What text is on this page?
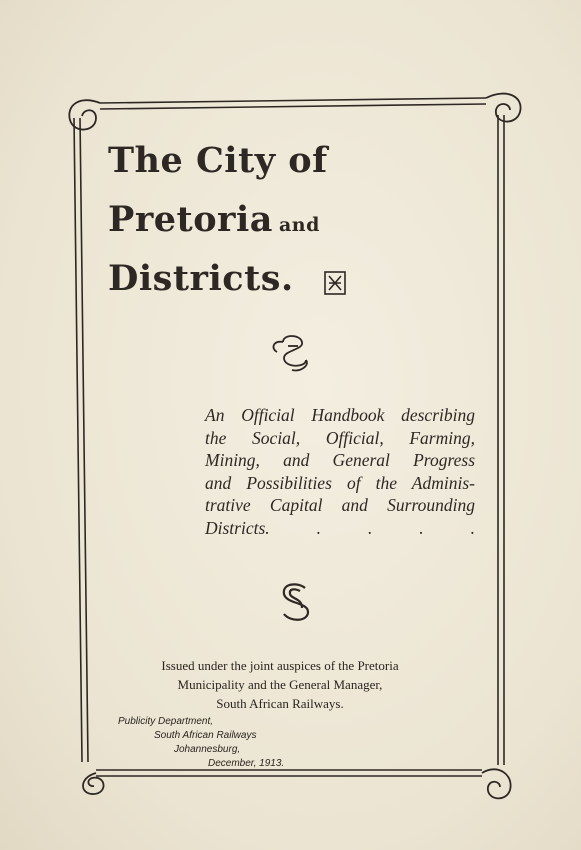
The City of
Pretoria and
Districts.
An Official Handbook describing
the Social, Official, Farming,
Mining, and General Progress
and Possibilities of the Adminis-
trative Capital and Surrounding
Districts.	.	.	.	.
Issued under the joint auspices of the Pretoria
Municipality and the General Manager,
South African Railways.
Publicity Department,
South African Railways
Johannesburg,
December, 1913.
